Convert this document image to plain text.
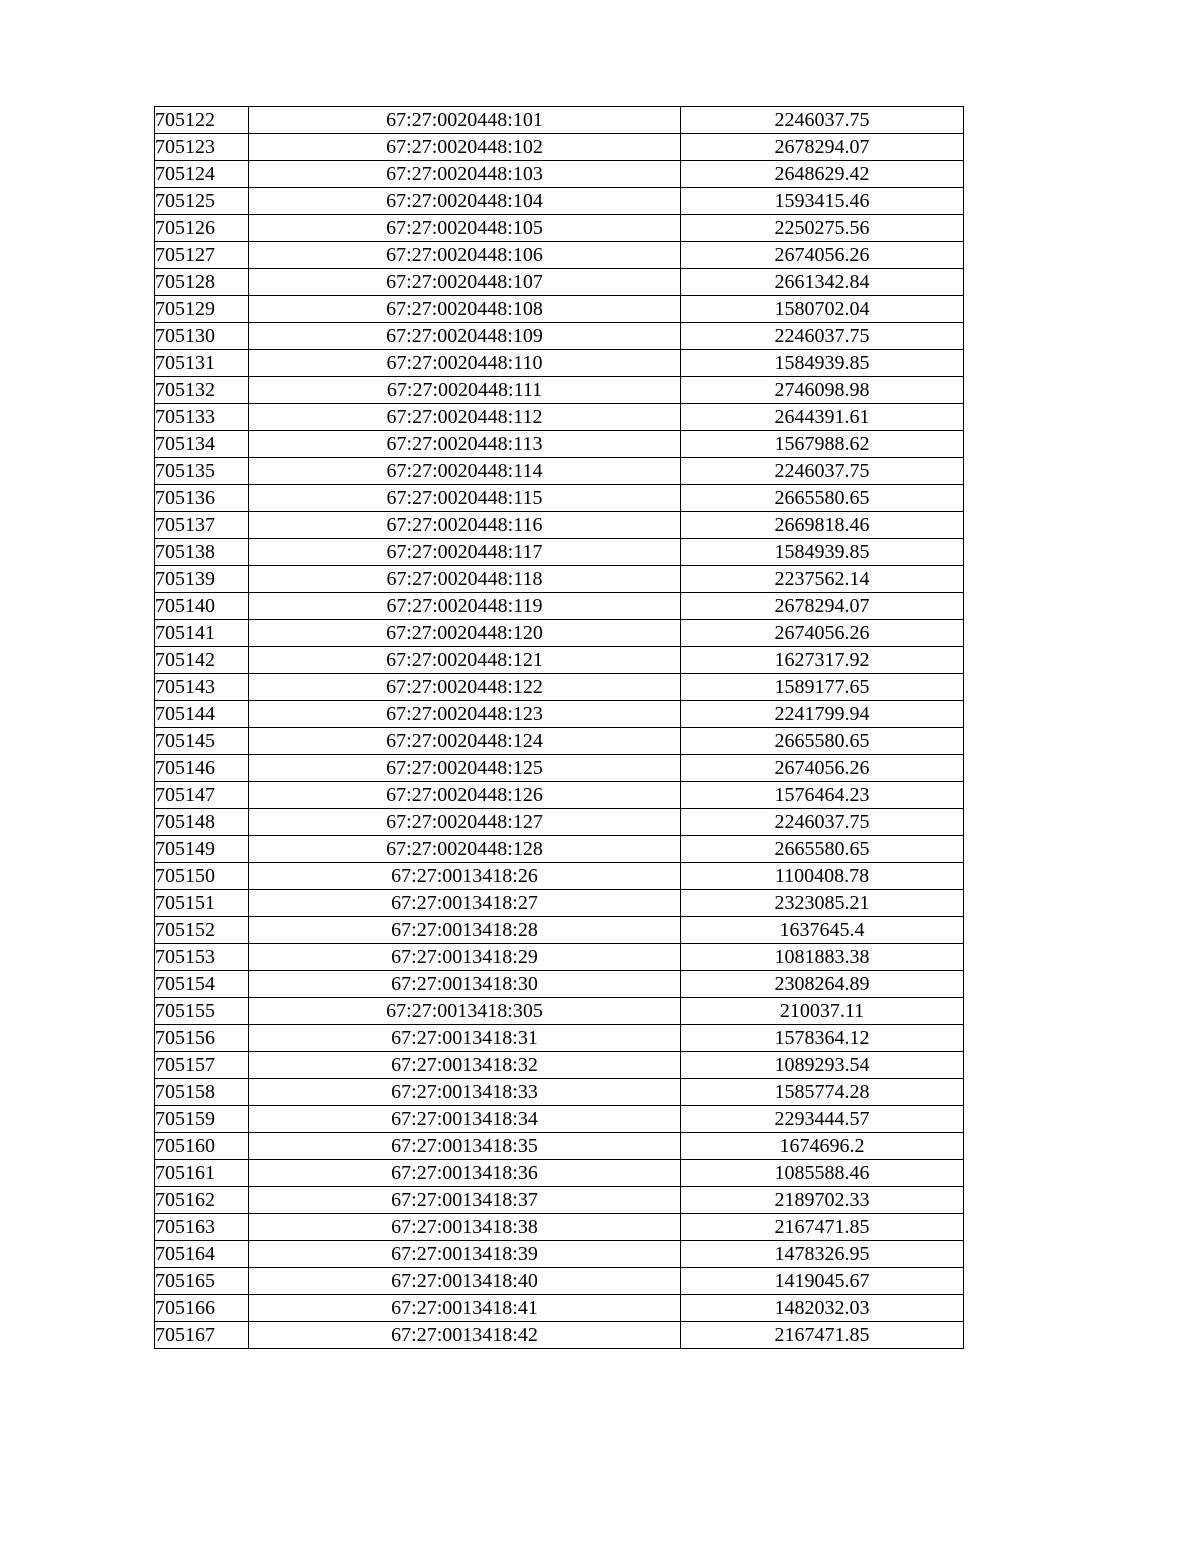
705122	67:27:0020448:101	2246037.75
705123	67:27:0020448:102	2678294.07
705124	67:27:0020448:103	2648629.42
705125	67:27:0020448:104	1593415.46
705126	67:27:0020448:105	2250275.56
705127	67:27:0020448:106	2674056.26
705128	67:27:0020448:107	2661342.84
705129	67:27:0020448:108	1580702.04
705130	67:27:0020448:109	2246037.75
705131	67:27:0020448:110	1584939.85
705132	67:27:0020448:111	2746098.98
705133	67:27:0020448:112	2644391.61
705134	67:27:0020448:113	1567988.62
705135	67:27:0020448:114	2246037.75
705136	67:27:0020448:115	2665580.65
705137	67:27:0020448:116	2669818.46
705138	67:27:0020448:117	1584939.85
705139	67:27:0020448:118	2237562.14
705140	67:27:0020448:119	2678294.07
705141	67:27:0020448:120	2674056.26
705142	67:27:0020448:121	1627317.92
705143	67:27:0020448:122	1589177.65
705144	67:27:0020448:123	2241799.94
705145	67:27:0020448:124	2665580.65
705146	67:27:0020448:125	2674056.26
705147	67:27:0020448:126	1576464.23
705148	67:27:0020448:127	2246037.75
705149	67:27:0020448:128	2665580.65
705150	67:27:0013418:26	1100408.78
705151	67:27:0013418:27	2323085.21
705152	67:27:0013418:28	1637645.4
705153	67:27:0013418:29	1081883.38
705154	67:27:0013418:30	2308264.89
705155	67:27:0013418:305	210037.11
705156	67:27:0013418:31	1578364.12
705157	67:27:0013418:32	1089293.54
705158	67:27:0013418:33	1585774.28
705159	67:27:0013418:34	2293444.57
705160	67:27:0013418:35	1674696.2
705161	67:27:0013418:36	1085588.46
705162	67:27:0013418:37	2189702.33
705163	67:27:0013418:38	2167471.85
705164	67:27:0013418:39	1478326.95
705165	67:27:0013418:40	1419045.67
705166	67:27:0013418:41	1482032.03
705167	67:27:0013418:42	2167471.85
